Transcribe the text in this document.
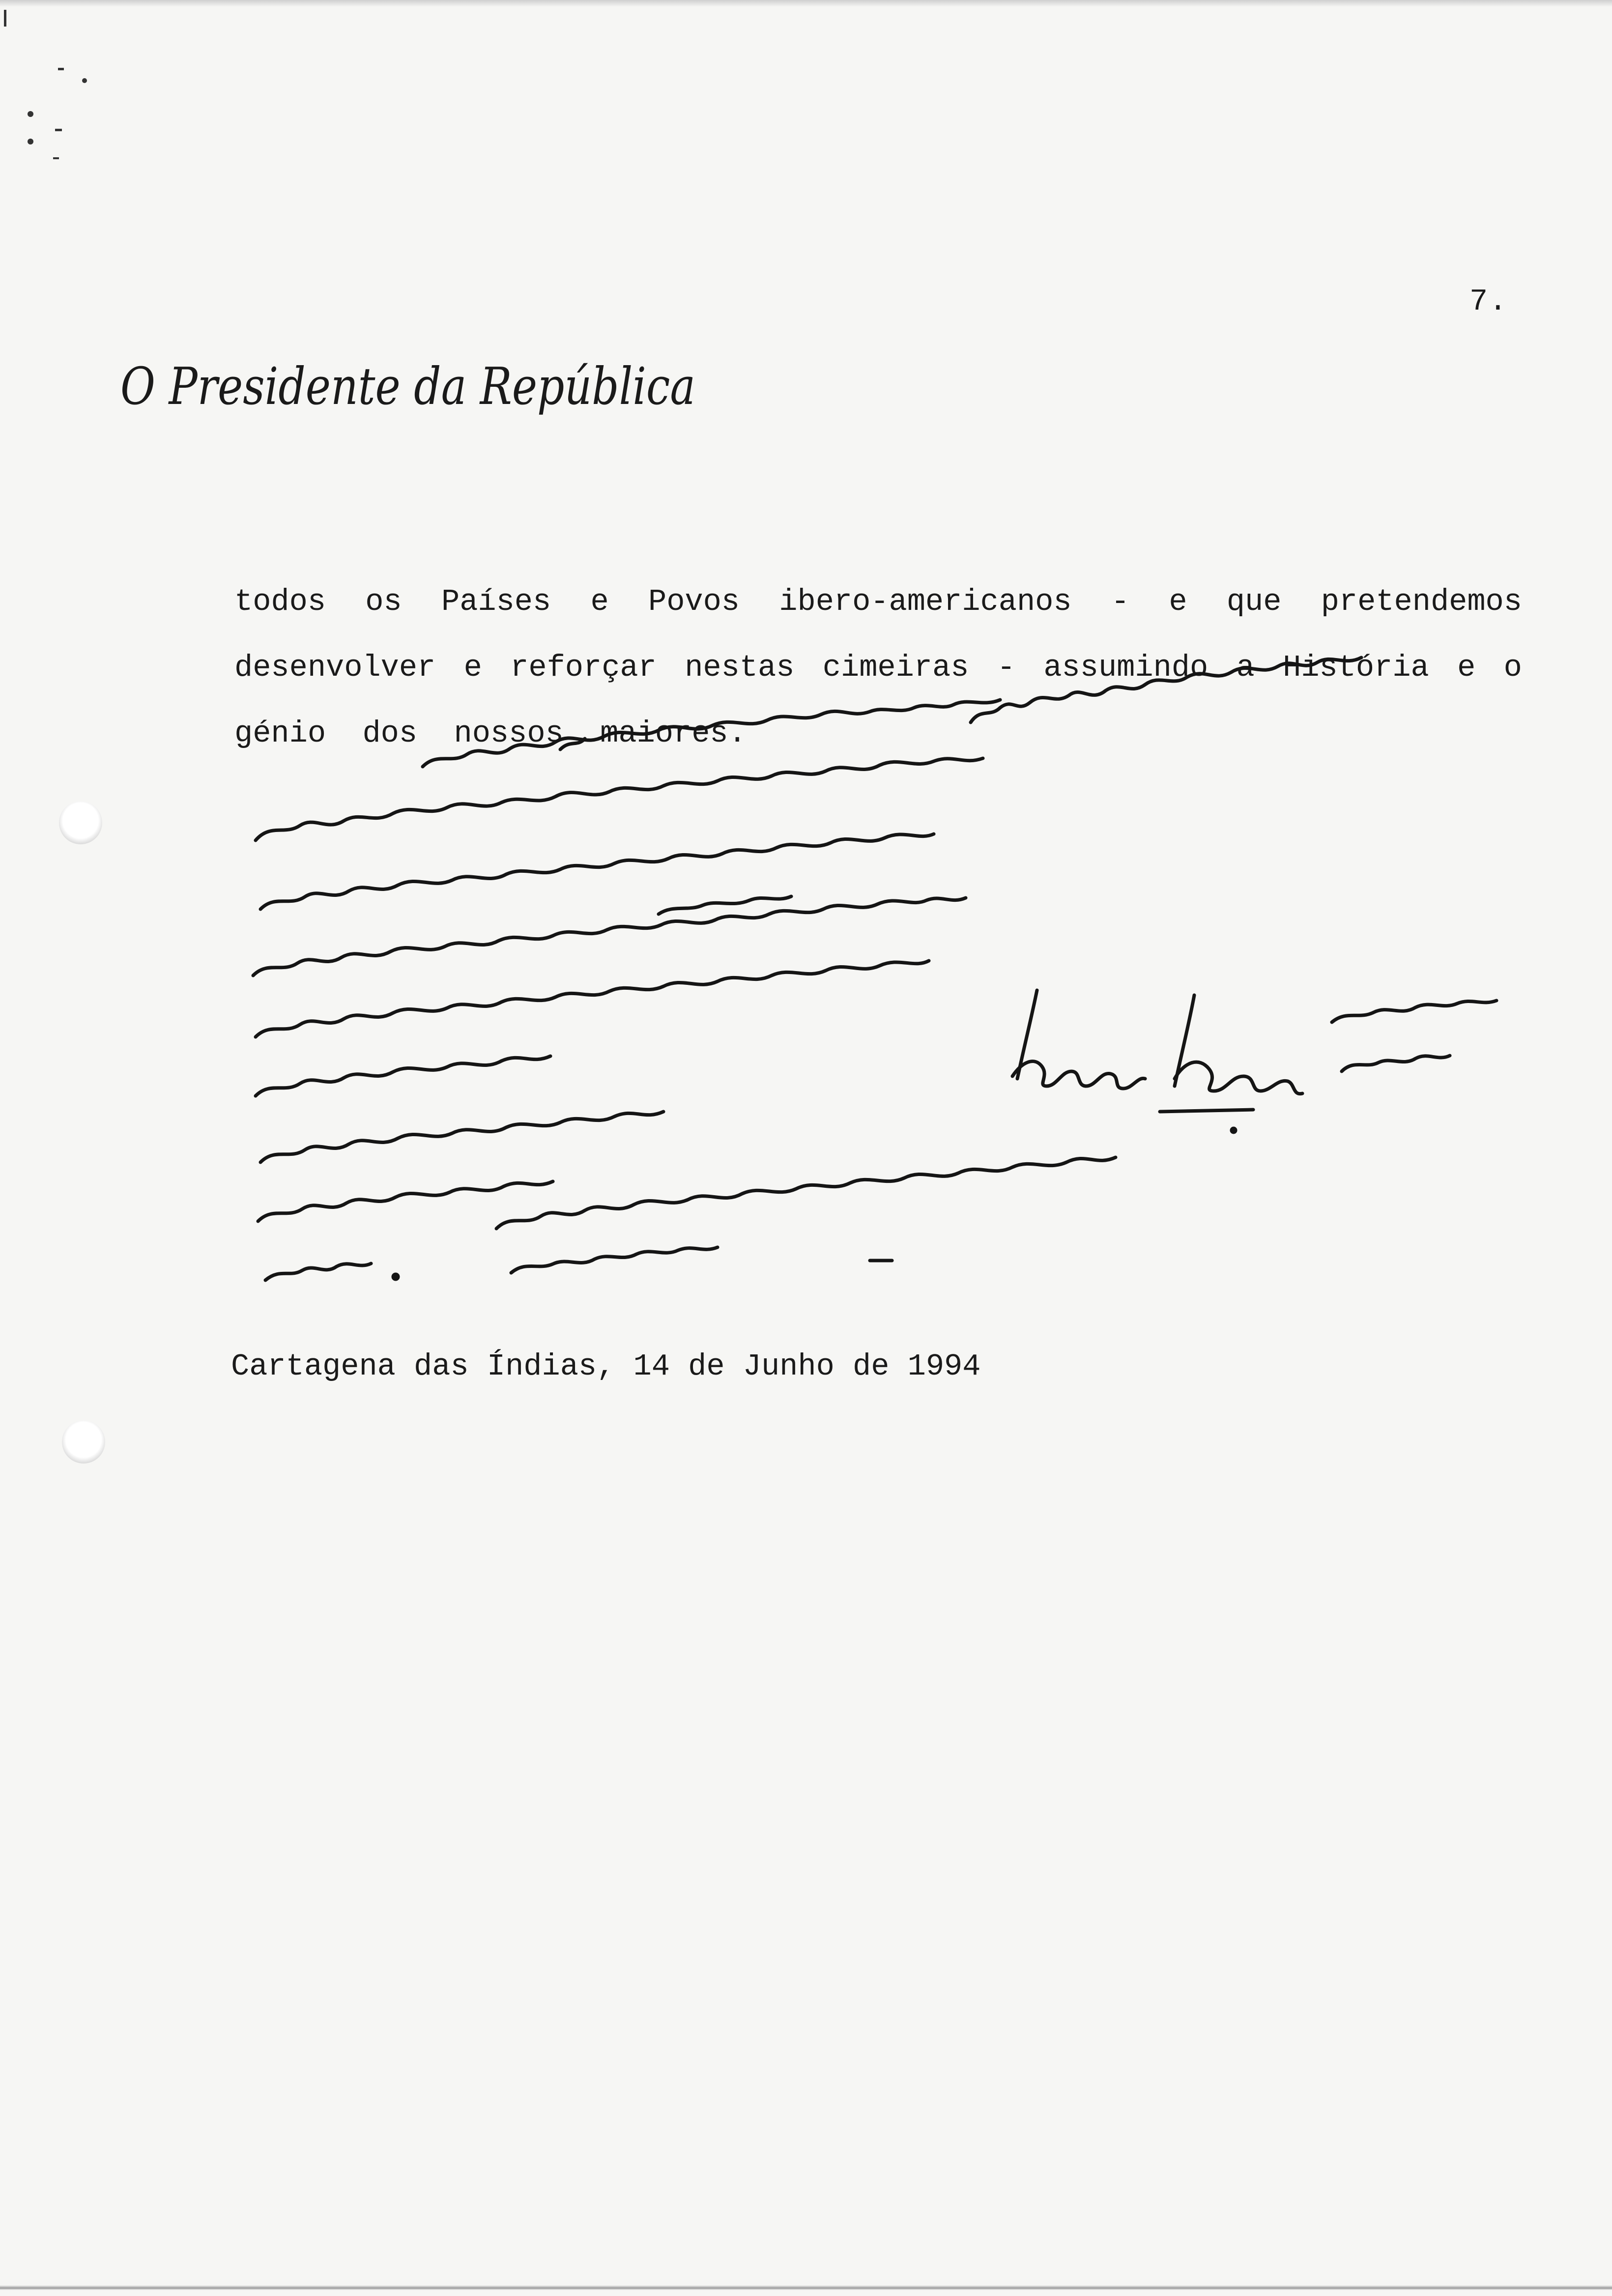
7.
O Presidente da República
todos os Países e Povos ibero-americanos - e que pretendemos
desenvolver e reforçar nestas cimeiras - assumindo a História e o
génio
dos
nossos
maiores.
Cartagena das Índias, 14 de Junho de 1994
